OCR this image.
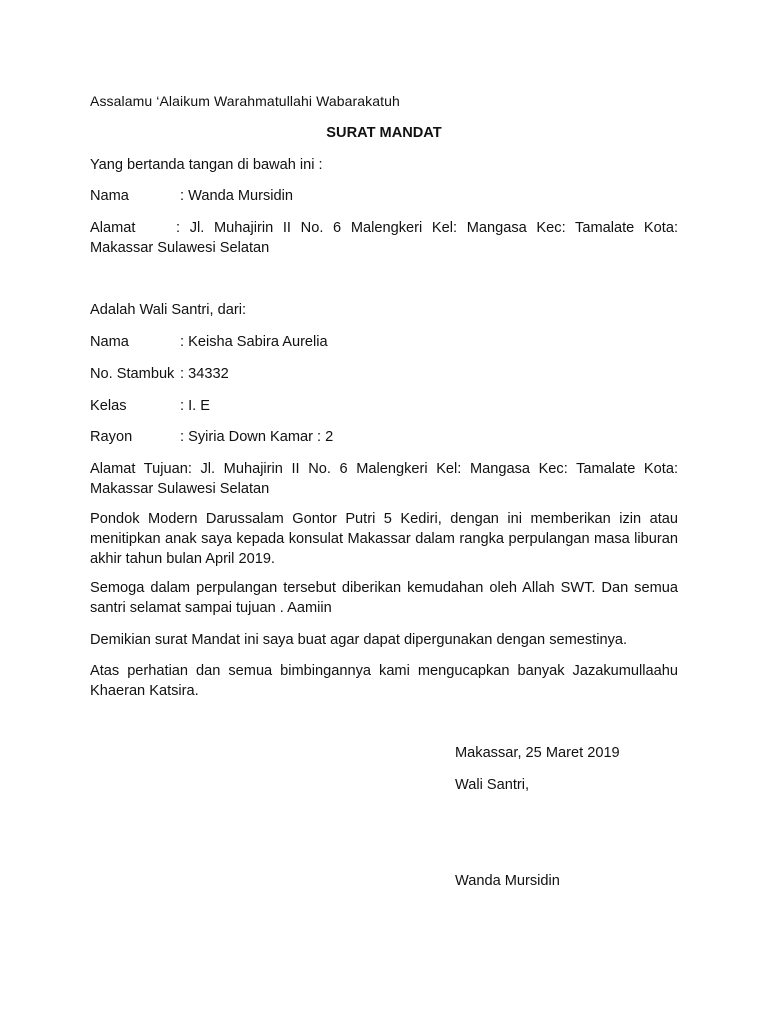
Assalamu ‘Alaikum Warahmatullahi Wabarakatuh
SURAT MANDAT
Yang bertanda tangan di bawah ini :
Nama	: Wanda Mursidin
Alamat	: Jl. Muhajirin II No. 6 Malengkeri Kel: Mangasa Kec: Tamalate Kota: Makassar Sulawesi Selatan
Adalah Wali Santri, dari:
Nama	: Keisha Sabira Aurelia
No. Stambuk : 34332
Kelas	: I. E
Rayon	: Syiria Down Kamar : 2
Alamat Tujuan: Jl. Muhajirin II No. 6 Malengkeri Kel: Mangasa Kec: Tamalate Kota: Makassar Sulawesi Selatan
Pondok Modern Darussalam Gontor Putri 5 Kediri, dengan ini memberikan izin atau menitipkan anak saya kepada konsulat Makassar dalam rangka perpulangan masa liburan akhir tahun bulan April 2019.
Semoga dalam perpulangan tersebut diberikan kemudahan oleh Allah SWT. Dan semua santri selamat sampai tujuan . Aamiin
Demikian surat Mandat ini saya buat agar dapat dipergunakan dengan semestinya.
Atas perhatian dan semua bimbingannya kami mengucapkan banyak Jazakumullaahu Khaeran Katsira.
Makassar, 25 Maret 2019
Wali Santri,
Wanda Mursidin
